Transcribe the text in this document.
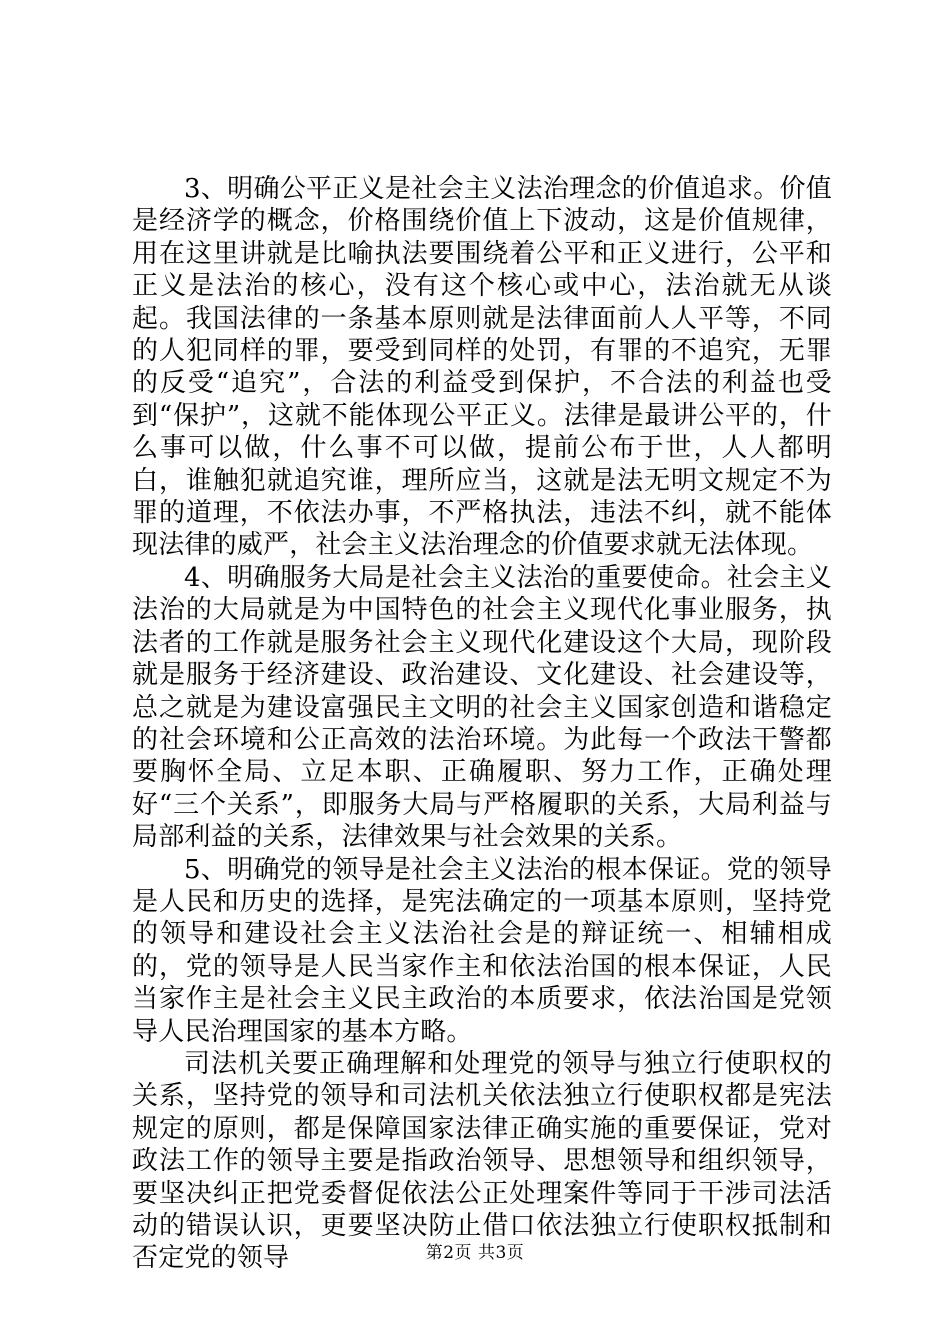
3、明确公平正义是社会主义法治理念的价值追求。价值是经济学的概念，价格围绕价值上下波动，这是价值规律，用在这里讲就是比喻执法要围绕着公平和正义进行，公平和正义是法治的核心，没有这个核心或中心，法治就无从谈起。我国法律的一条基本原则就是法律面前人人平等，不同的人犯同样的罪，要受到同样的处罚，有罪的不追究，无罪的反受“追究”，合法的利益受到保护，不合法的利益也受到“保护”，这就不能体现公平正义。法律是最讲公平的，什么事可以做，什么事不可以做，提前公布于世，人人都明白，谁触犯就追究谁，理所应当，这就是法无明文规定不为罪的道理，不依法办事，不严格执法，违法不纠，就不能体现法律的威严，社会主义法治理念的价值要求就无法体现。

4、明确服务大局是社会主义法治的重要使命。社会主义法治的大局就是为中国特色的社会主义现代化事业服务，执法者的工作就是服务社会主义现代化建设这个大局，现阶段就是服务于经济建设、政治建设、文化建设、社会建设等，总之就是为建设富强民主文明的社会主义国家创造和谐稳定的社会环境和公正高效的法治环境。为此每一个政法干警都要胸怀全局、立足本职、正确履职、努力工作，正确处理好“三个关系”，即服务大局与严格履职的关系，大局利益与局部利益的关系，法律效果与社会效果的关系。

5、明确党的领导是社会主义法治的根本保证。党的领导是人民和历史的选择，是宪法确定的一项基本原则，坚持党的领导和建设社会主义法治社会是的辩证统一、相辅相成的，党的领导是人民当家作主和依法治国的根本保证，人民当家作主是社会主义民主政治的本质要求，依法治国是党领导人民治理国家的基本方略。

司法机关要正确理解和处理党的领导与独立行使职权的关系，坚持党的领导和司法机关依法独立行使职权都是宪法规定的原则，都是保障国家法律正确实施的重要保证，党对政法工作的领导主要是指政治领导、思想领导和组织领导，要坚决纠正把党委督促依法公正处理案件等同于干涉司法活动的错误认识，更要坚决防止借口依法独立行使职权抵制和否定党的领导	第2页 共3页
